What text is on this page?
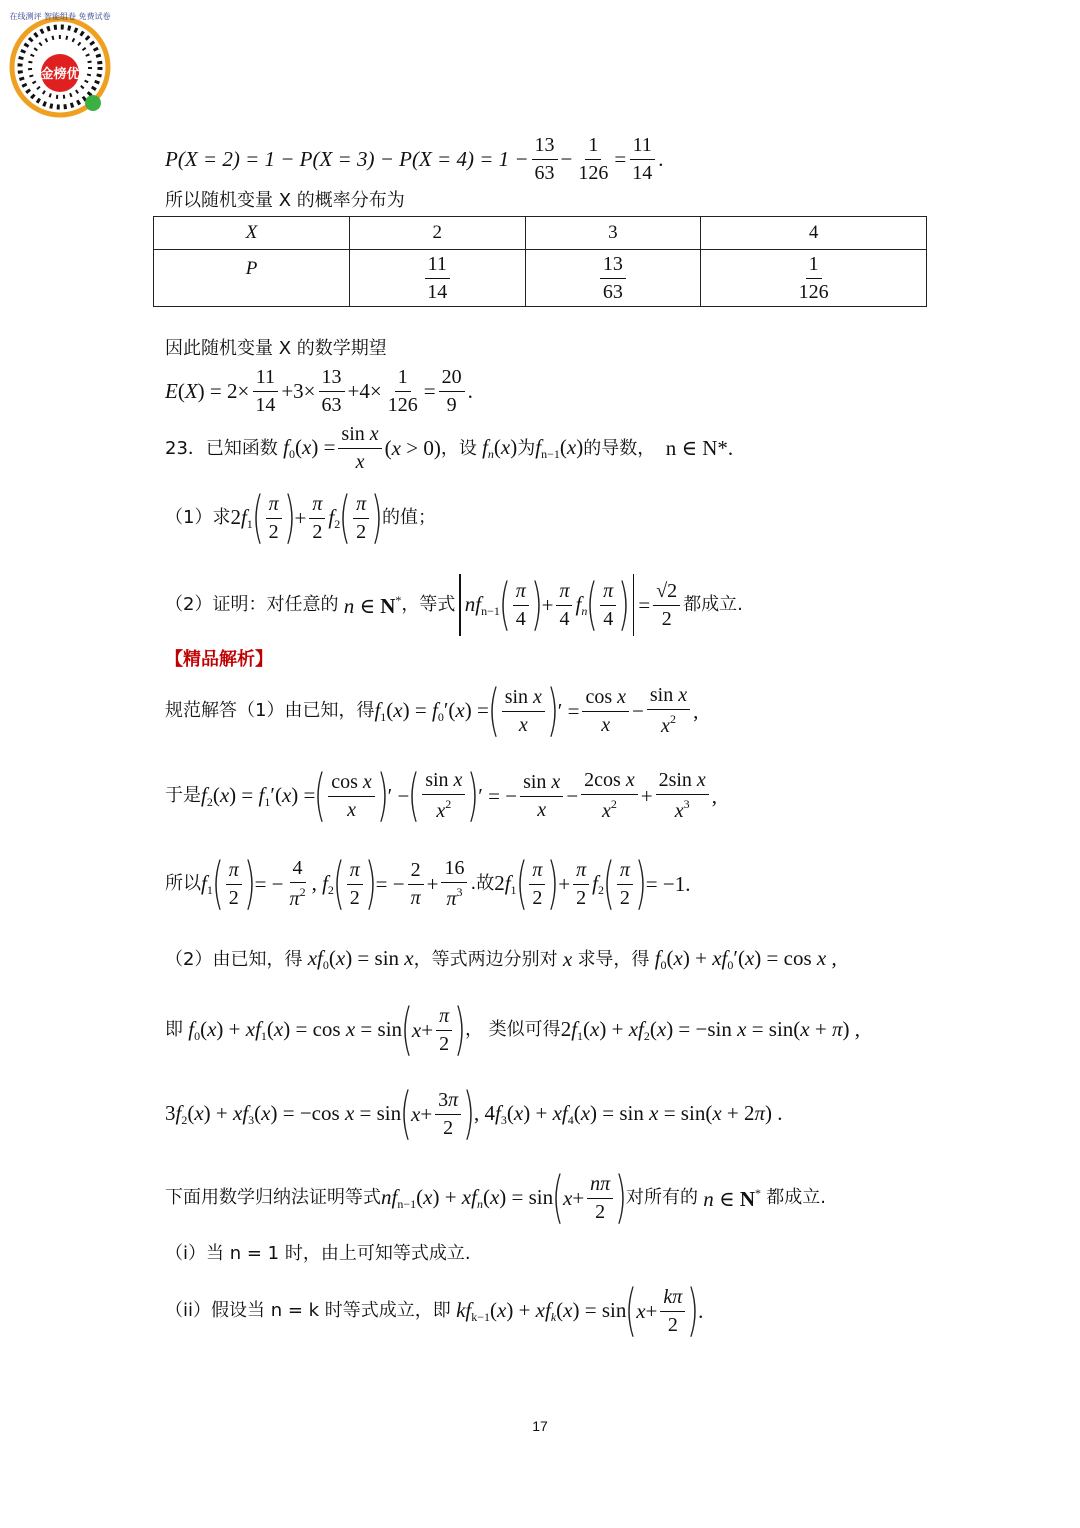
金榜优
在线测评 智能组卷 免费试卷
$P(X = 2) = 1 - P(X = 3) - P(X = 4) = 1 - \frac{13}{63} - \frac{1}{126} = \frac{11}{14}$ .
所以随机变量 X 的概率分布为
X	2	3	4
P	$\frac{11}{14}$	$\frac{13}{63}$	$\frac{1}{126}$
因此随机变量 X 的数学期望
E ( X ) = $2\times \frac{11}{14} +3\times \frac{13}{63} +4\times \frac{1}{126} = \frac{20}{9}$ .
23． 已知函数 $f_0(x) = \frac{\text{sin x}}{x} (x > 0)$ ，设 $f_n(x)$ 为 $f_{n-1}(x)$ 的导数，
n ∈ N*.
（1）求 $2f_1$
( $\frac{\pi}{2}$ )
+ $\frac{\pi}{2} f_2$
( $\frac{\pi}{2}$ )
的值；
（2）证明：对任意的 n ∈ N* ，等式 $nf_{n-1}$
( $\frac{\pi}{4}$ )
+ $\frac{\pi}{4} f_n$
( $\frac{\pi}{4}$ ) = $\frac{√2}{2}$ 都成立.
【精品解析】
规范解答（1）由已知，得 $f_1(x) = f_0'(x)$ =
( $\frac{\text{sin x}}{x}$ )
′ = $\frac{\text{cos x}}{x} - \frac{\text{sin x}}{x^2}$ ,
于是 $f_2(x) = f_1'(x)$ =
( $\frac{\text{cos x}}{x}$ )
′ −
( $\frac{\text{sin x}}{x^2}$ )
′ = − $\frac{\text{sin x}}{x} - \frac{\text{2cos x}}{x^2} + \frac{\text{2sin x}}{x^3}$ ,
所以 $f_1$
( $\frac{\pi}{2}$ )
= − $\frac{4}{\pi^2}$ , $f_2$
( $\frac{\pi}{2}$ )
= − $\frac{2}{\pi} + \frac{16}{\pi^3}$ .故 $2f_1$
( $\frac{\pi}{2}$ )
+ $\frac{\pi}{2} f_2$
( $\frac{\pi}{2}$ )
= −1.
（2）由已知，得 $xf_0(x) = \sin x$ ，等式两边分别对 x 求导，得 $f_0(x) + xf_0'(x) = \cos x$ ,
即 $f_0(x) + xf_1(x) = \cos x = \sin$
(
$x + \frac{\pi}{2}$ )
， 类似可得 $2f_1(x) + xf_2(x) = -\sin$ x = sin(x + π) ,
$3f_2(x) + xf_3(x) = -\cos$ x = sin
(
$x + \frac{3\pi}{2}$ )
, $4f_3(x) + xf_4(x) = \sin x = \sin(x + 2\pi)$ .
下面用数学归纳法证明等式 $nf_{n-1}(x) + xf_n(x) = \sin$
(
$x + \frac{n\pi}{2}$ )
对所有的 n ∈ N* 都成立.
（i）当 n = 1 时，由上可知等式成立.
（ii）假设当 n = k 时等式成立，即 $kf_{k-1}(x) + xf_k(x) = \sin$
(
$x + \frac{k\pi}{2}$ )
.
17
